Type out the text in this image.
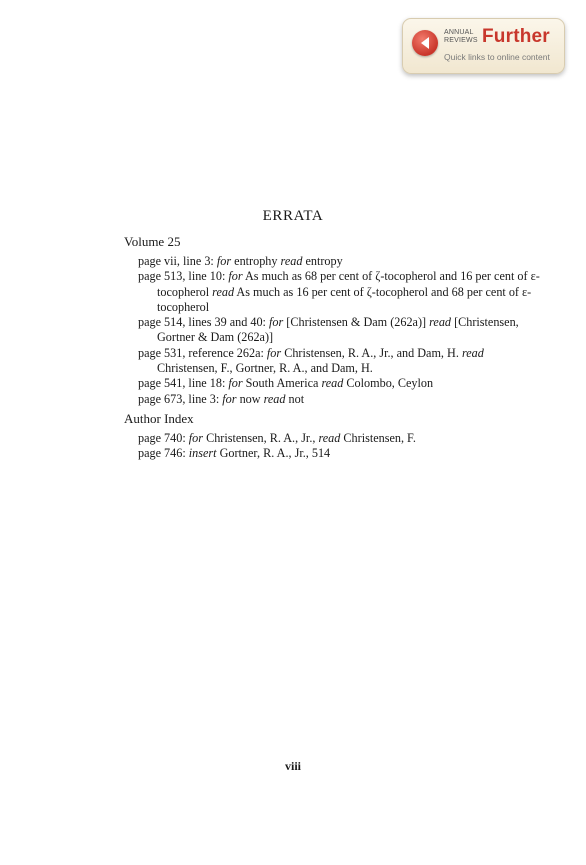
ANNUAL
REVIEWS Further
Quick links to online content
ERRATA
Volume 25
page vii, line 3: for entrophy read entropy
page 513, line 10: for As much as 68 per cent of ζ-tocopherol and 16 per cent of ε-tocopherol read As much as 16 per cent of ζ-tocopherol and 68 per cent of ε-tocopherol
page 514, lines 39 and 40: for [Christensen & Dam (262a)] read [Christensen, Gortner & Dam (262a)]
page 531, reference 262a: for Christensen, R. A., Jr., and Dam, H. read Christensen, F., Gortner, R. A., and Dam, H.
page 541, line 18: for South America read Colombo, Ceylon
page 673, line 3: for now read not
Author Index
page 740: for Christensen, R. A., Jr., read Christensen, F.
page 746: insert Gortner, R. A., Jr., 514
viii
